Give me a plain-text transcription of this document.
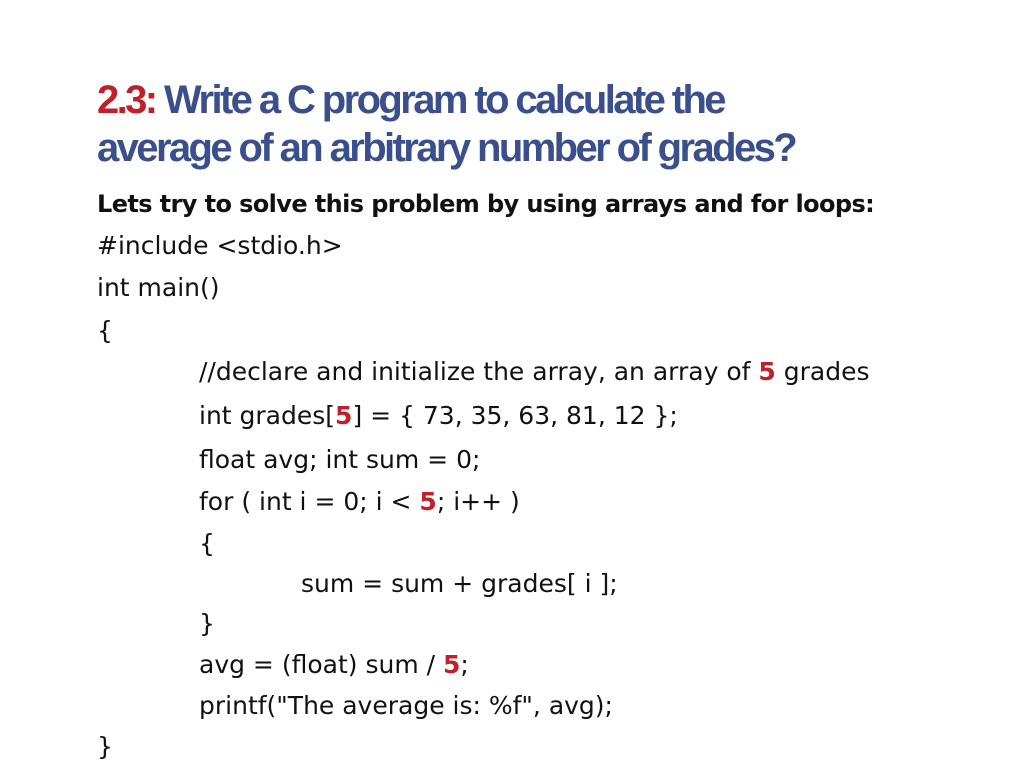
2.3: Write a C program to calculate the
average of an arbitrary number of grades?
Lets try to solve this problem by using arrays and for loops:
#include <stdio.h>
int main()
{
//declare and initialize the array, an array of 5 grades
int grades[5] = { 73, 35, 63, 81, 12 };
float avg; int sum = 0;
for ( int i = 0; i < 5; i++ )
{
sum = sum + grades[ i ];
}
avg = (float) sum / 5;
printf("The average is: %f", avg);
}
